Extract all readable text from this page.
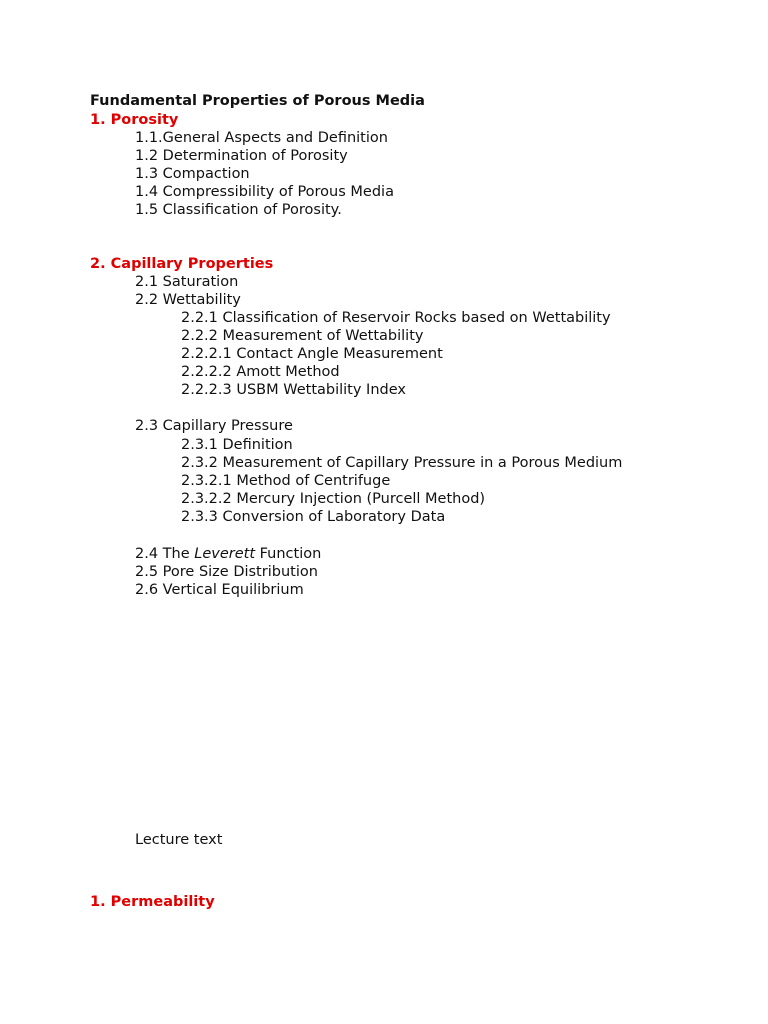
Fundamental Properties of Porous Media
1. Porosity
1.1.General Aspects and Definition
1.2 Determination of Porosity
1.3 Compaction
1.4 Compressibility of Porous Media
1.5 Classification of Porosity.
2. Capillary Properties
2.1 Saturation
2.2 Wettability
2.2.1 Classification of Reservoir Rocks based on Wettability
2.2.2 Measurement of Wettability
2.2.2.1 Contact Angle Measurement
2.2.2.2 Amott Method
2.2.2.3 USBM Wettability Index
2.3 Capillary Pressure
2.3.1 Definition
2.3.2 Measurement of Capillary Pressure in a Porous Medium
2.3.2.1 Method of Centrifuge
2.3.2.2 Mercury Injection (Purcell Method)
2.3.3 Conversion of Laboratory Data
2.4 The Leverett Function
2.5 Pore Size Distribution
2.6 Vertical Equilibrium
Lecture text
1. Permeability
